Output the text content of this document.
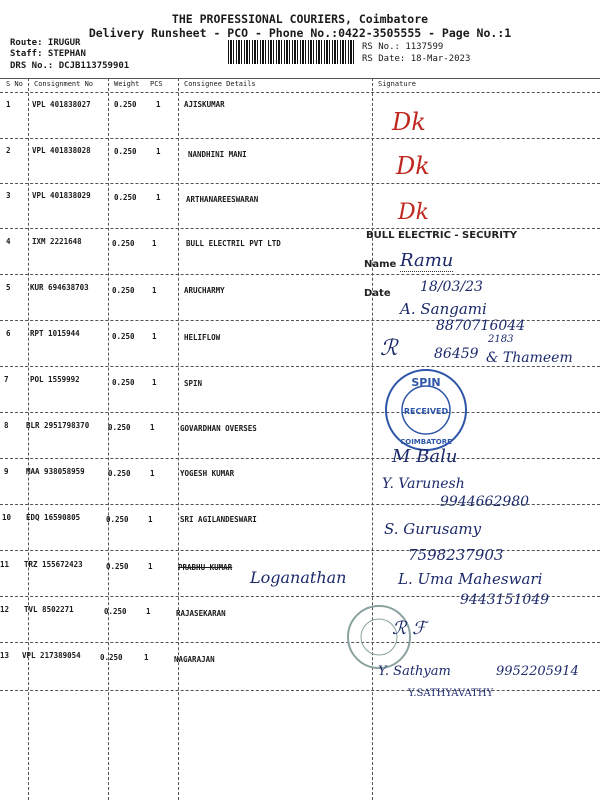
THE PROFESSIONAL COURIERS, Coimbatore
Delivery Runsheet - PCO - Phone No.:0422-3505555 - Page No.:1
Route: IRUGUR
Staff: STEPHAN
DRS No.: DCJB113759901
RS No.: 1137599
RS Date: 18-Mar-2023
S No Consignment No	Weight PCS	Consignee Details	Signature
1	VPL 401838027	0.250	1	AJISKUMAR
2	VPL 401838028	0.250	1	NANDHINI MANI
3	VPL 401838029	0.250	1	ARTHANAREESWARAN
4	IXM 2221648	0.250 1	BULL ELECTRIL PVT LTD
5	KUR 694638703	0.250 1	ARUCHARMY
6	RPT 1015944	0.250 1	HELIFLOW
7	POL 1559992	0.250 1	SPIN
8 BLR 2951798370	0.250	1	GOVARDHAN OVERSES
9 MAA 938058959	0.250	1	YOGESH KUMAR
10 EDQ 16590805	0.250	1	SRI AGILANDESWARI
11 TRZ 155672423	0.250	1	PRABHU KUMAR
12 TVL 8502271	0.250	1	RAJASEKARAN
13 VPL 217389054	0.250	1	NAGARAJAN
Dk
Dk
Dk
BULL ELECTRIC - SECURITY
Name Ramu
Date 18/03/23
A. Sangami
8870716044
ℛ	2183
86459 & Thameem
SPIN
RECEIVED
COIMBATORE
M Balu
Y. Varunesh
9944662980
S. Gurusamy
7598237903
Loganathan	L. Uma Maheswari
9443151049
ℛ ℱ
Y. Sathyam	9952205914
Y.SATHYAVATHY
